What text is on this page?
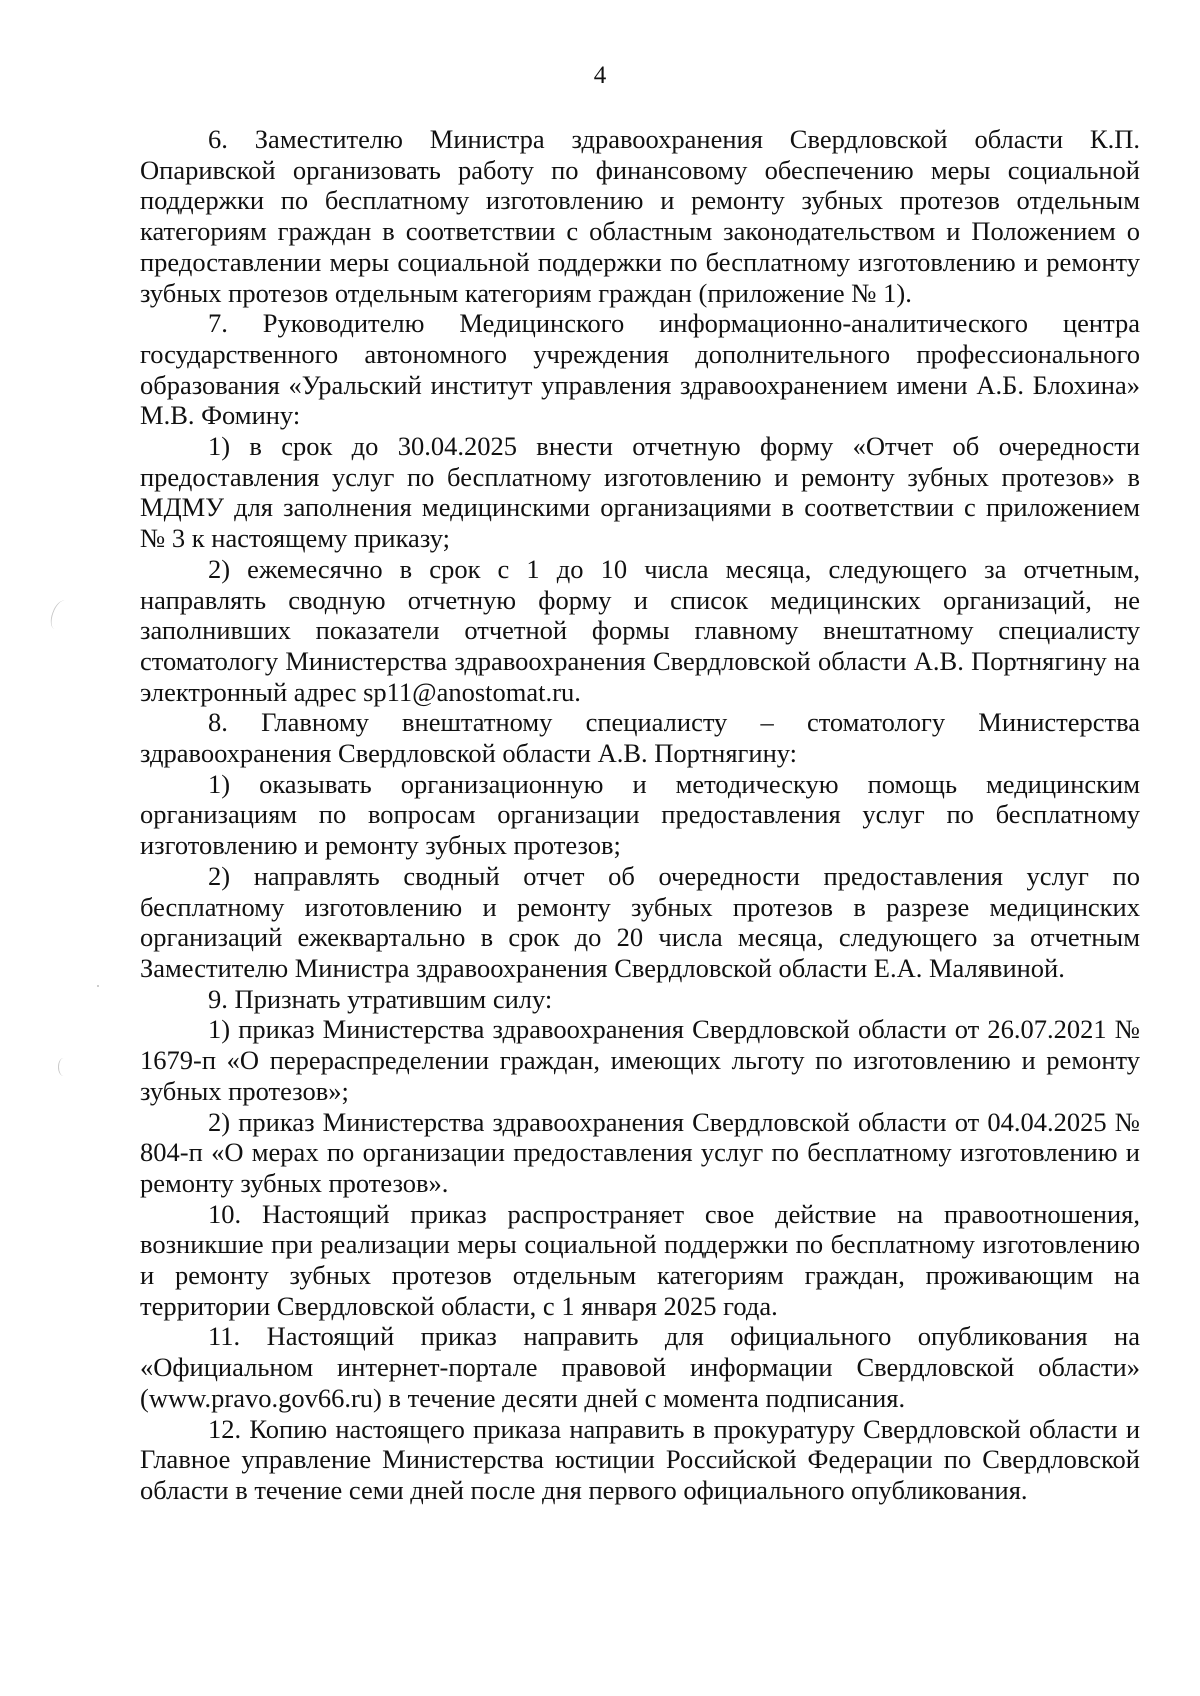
4

6. Заместителю Министра здравоохранения Свердловской области К.П. Опаривской организовать работу по финансовому обеспечению меры социальной поддержки по бесплатному изготовлению и ремонту зубных протезов отдельным категориям граждан в соответствии с областным законодательством и Положением о предоставлении меры социальной поддержки по бесплатному изготовлению и ремонту зубных протезов отдельным категориям граждан (приложение № 1).

7. Руководителю Медицинского информационно-аналитического центра государственного автономного учреждения дополнительного профессионального образования «Уральский институт управления здравоохранением имени А.Б. Блохина» М.В. Фомину:

1) в срок до 30.04.2025 внести отчетную форму «Отчет об очередности предоставления услуг по бесплатному изготовлению и ремонту зубных протезов» в МДМУ для заполнения медицинскими организациями в соответствии с приложением № 3 к настоящему приказу;

2) ежемесячно в срок с 1 до 10 числа месяца, следующего за отчетным, направлять сводную отчетную форму и список медицинских организаций, не заполнивших показатели отчетной формы главному внештатному специалисту стоматологу Министерства здравоохранения Свердловской области А.В. Портнягину на электронный адрес sp11@anostomat.ru.

8. Главному внештатному специалисту – стоматологу Министерства здравоохранения Свердловской области А.В. Портнягину:

1) оказывать организационную и методическую помощь медицинским организациям по вопросам организации предоставления услуг по бесплатному изготовлению и ремонту зубных протезов;

2) направлять сводный отчет об очередности предоставления услуг по бесплатному изготовлению и ремонту зубных протезов в разрезе медицинских организаций ежеквартально в срок до 20 числа месяца, следующего за отчетным Заместителю Министра здравоохранения Свердловской области Е.А. Малявиной.

9. Признать утратившим силу:

1) приказ Министерства здравоохранения Свердловской области от 26.07.2021 № 1679-п «О перераспределении граждан, имеющих льготу по изготовлению и ремонту зубных протезов»;

2) приказ Министерства здравоохранения Свердловской области от 04.04.2025 № 804-п «О мерах по организации предоставления услуг по бесплатному изготовлению и ремонту зубных протезов».

10. Настоящий приказ распространяет свое действие на правоотношения, возникшие при реализации меры социальной поддержки по бесплатному изготовлению и ремонту зубных протезов отдельным категориям граждан, проживающим на территории Свердловской области, с 1 января 2025 года.

11. Настоящий приказ направить для официального опубликования на «Официальном интернет-портале правовой информации Свердловской области» (www.pravo.gov66.ru) в течение десяти дней с момента подписания.

12. Копию настоящего приказа направить в прокуратуру Свердловской области и Главное управление Министерства юстиции Российской Федерации по Свердловской области в течение семи дней после дня первого официального опубликования.
